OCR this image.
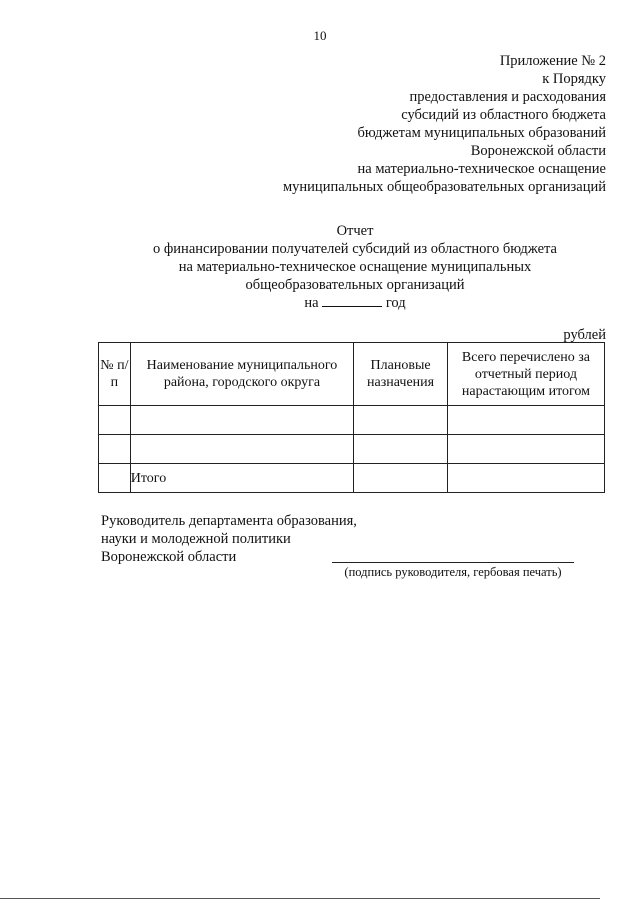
10
Приложение № 2
к Порядку
предоставления и расходования
субсидий из областного бюджета
бюджетам муниципальных образований
Воронежской области
на материально-техническое оснащение
муниципальных общеобразовательных организаций
Отчет
о финансировании получателей субсидий из областного бюджета
на материально-техническое оснащение муниципальных
общеобразовательных организаций
на	год
рублей
№ п/п	Наименование муниципального района, городского округа	Плановые назначения	Всего перечислено за отчетный период нарастающим итогом

	Итого		
Руководитель департамента образования,
науки и молодежной политики
Воронежской области
(подпись руководителя, гербовая печать)
